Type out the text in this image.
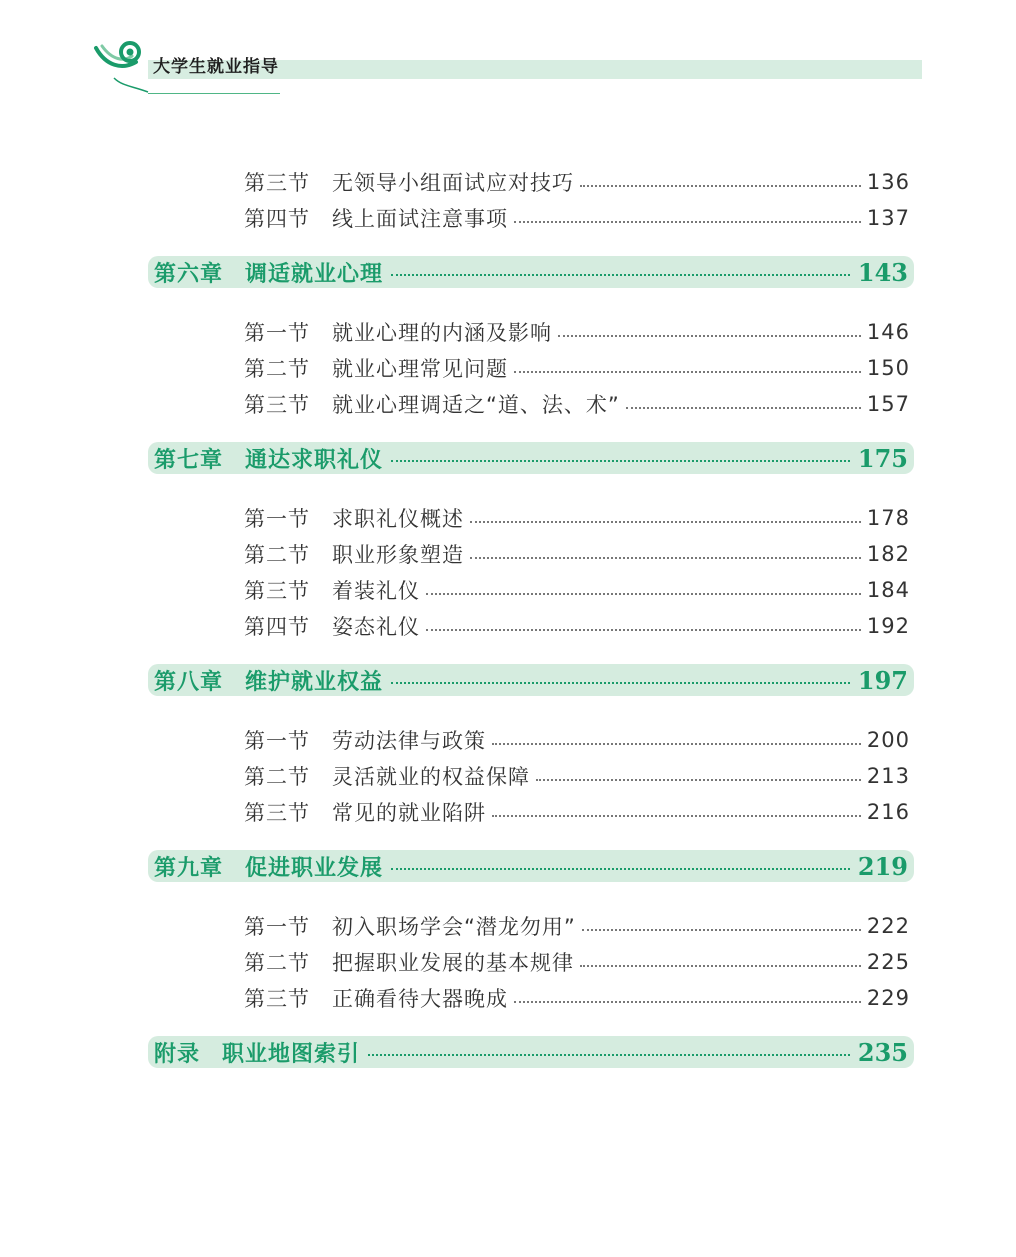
大学生就业指导
第三节	无领导小组面试应对技巧	136
第四节	线上面试注意事项	137
第六章 调适就业心理	143
第一节	就业心理的内涵及影响	146
第二节	就业心理常见问题	150
第三节	就业心理调适之“道、法、术”	157
第七章 通达求职礼仪	175
第一节	求职礼仪概述	178
第二节	职业形象塑造	182
第三节	着装礼仪	184
第四节	姿态礼仪	192
第八章 维护就业权益	197
第一节	劳动法律与政策	200
第二节	灵活就业的权益保障	213
第三节	常见的就业陷阱	216
第九章 促进职业发展	219
第一节	初入职场学会“潜龙勿用”	222
第二节	把握职业发展的基本规律	225
第三节	正确看待大器晚成	229
附录 职业地图索引	235
